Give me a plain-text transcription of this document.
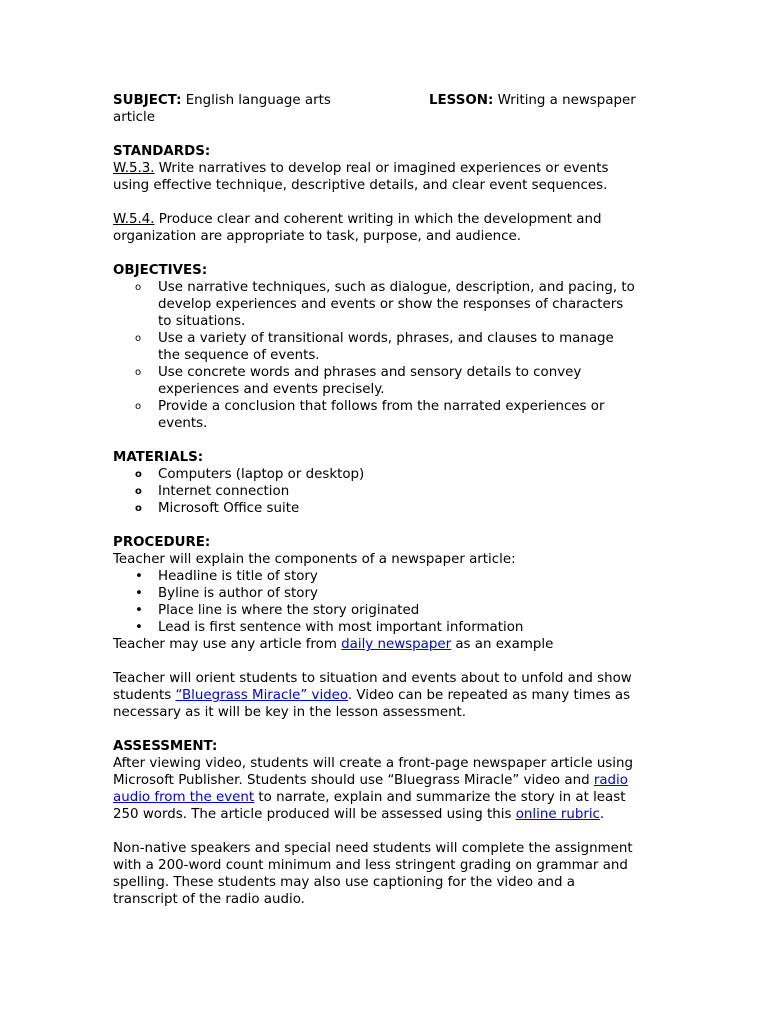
SUBJECT: English language arts	LESSON: Writing a newspaper
article
STANDARDS:
W.5.3. Write narratives to develop real or imagined experiences or events
using effective technique, descriptive details, and clear event sequences.
W.5.4. Produce clear and coherent writing in which the development and
organization are appropriate to task, purpose, and audience.
OBJECTIVES:
o Use narrative techniques, such as dialogue, description, and pacing, to
develop experiences and events or show the responses of characters
to situations.
o Use a variety of transitional words, phrases, and clauses to manage
the sequence of events.
o Use concrete words and phrases and sensory details to convey
experiences and events precisely.
o Provide a conclusion that follows from the narrated experiences or
events.
MATERIALS:
o Computers (laptop or desktop)
o Internet connection
o Microsoft Office suite
PROCEDURE:
Teacher will explain the components of a newspaper article:
• Headline is title of story
• Byline is author of story
• Place line is where the story originated
• Lead is first sentence with most important information
Teacher may use any article from daily newspaper as an example
Teacher will orient students to situation and events about to unfold and show
students “Bluegrass Miracle” video. Video can be repeated as many times as
necessary as it will be key in the lesson assessment.
ASSESSMENT:
After viewing video, students will create a front-page newspaper article using
Microsoft Publisher. Students should use “Bluegrass Miracle” video and radio
audio from the event to narrate, explain and summarize the story in at least
250 words. The article produced will be assessed using this online rubric.
Non-native speakers and special need students will complete the assignment
with a 200-word count minimum and less stringent grading on grammar and
spelling. These students may also use captioning for the video and a
transcript of the radio audio.
